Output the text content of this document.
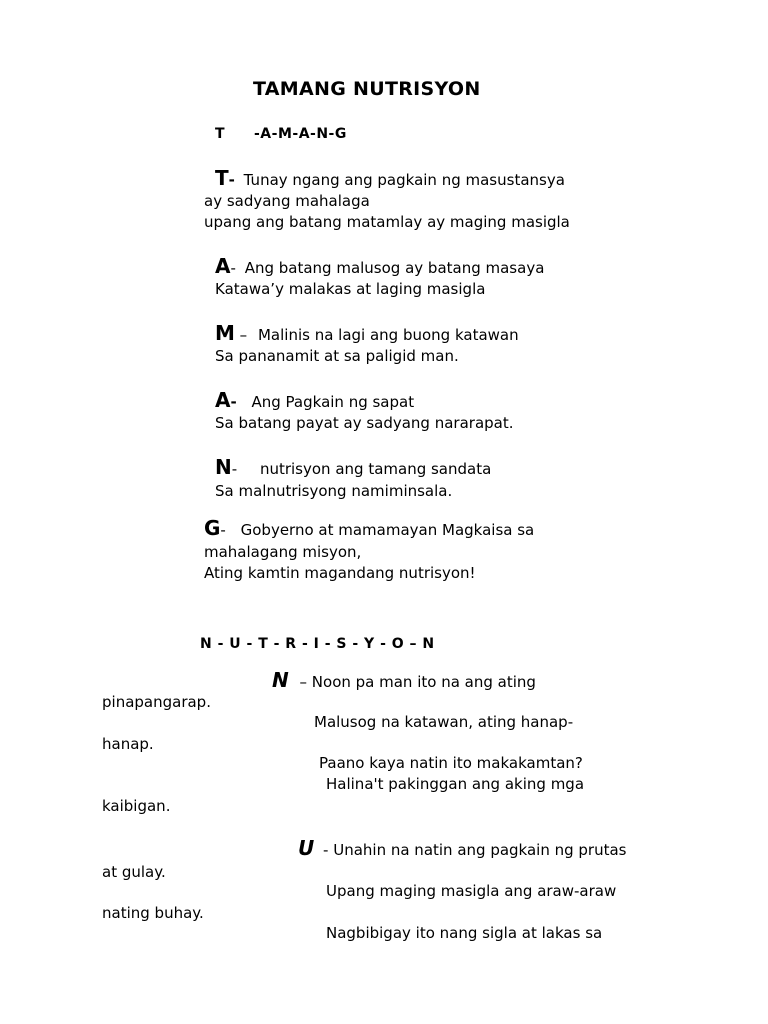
TAMANG NUTRISYON
T -A-M-A-N-G
T- Tunay ngang ang pagkain ng masustansya
ay sadyang mahalaga
upang ang batang matamlay ay maging masigla
A- Ang batang malusog ay batang masaya
Katawa’y malakas at laging masigla
M – Malinis na lagi ang buong katawan
Sa pananamit at sa paligid man.
A- Ang Pagkain ng sapat
Sa batang payat ay sadyang nararapat.
N- nutrisyon ang tamang sandata
Sa malnutrisyong namiminsala.
G- Gobyerno at mamamayan Magkaisa sa
mahalagang misyon,
Ating kamtin magandang nutrisyon!
N - U - T - R - I - S - Y - O – N
N – Noon pa man ito na ang ating
pinapangarap.
Malusog na katawan, ating hanap-
hanap.
Paano kaya natin ito makakamtan?
Halina't pakinggan ang aking mga
kaibigan.
U - Unahin na natin ang pagkain ng prutas
at gulay.
Upang maging masigla ang araw-araw
nating buhay.
Nagbibigay ito nang sigla at lakas sa
